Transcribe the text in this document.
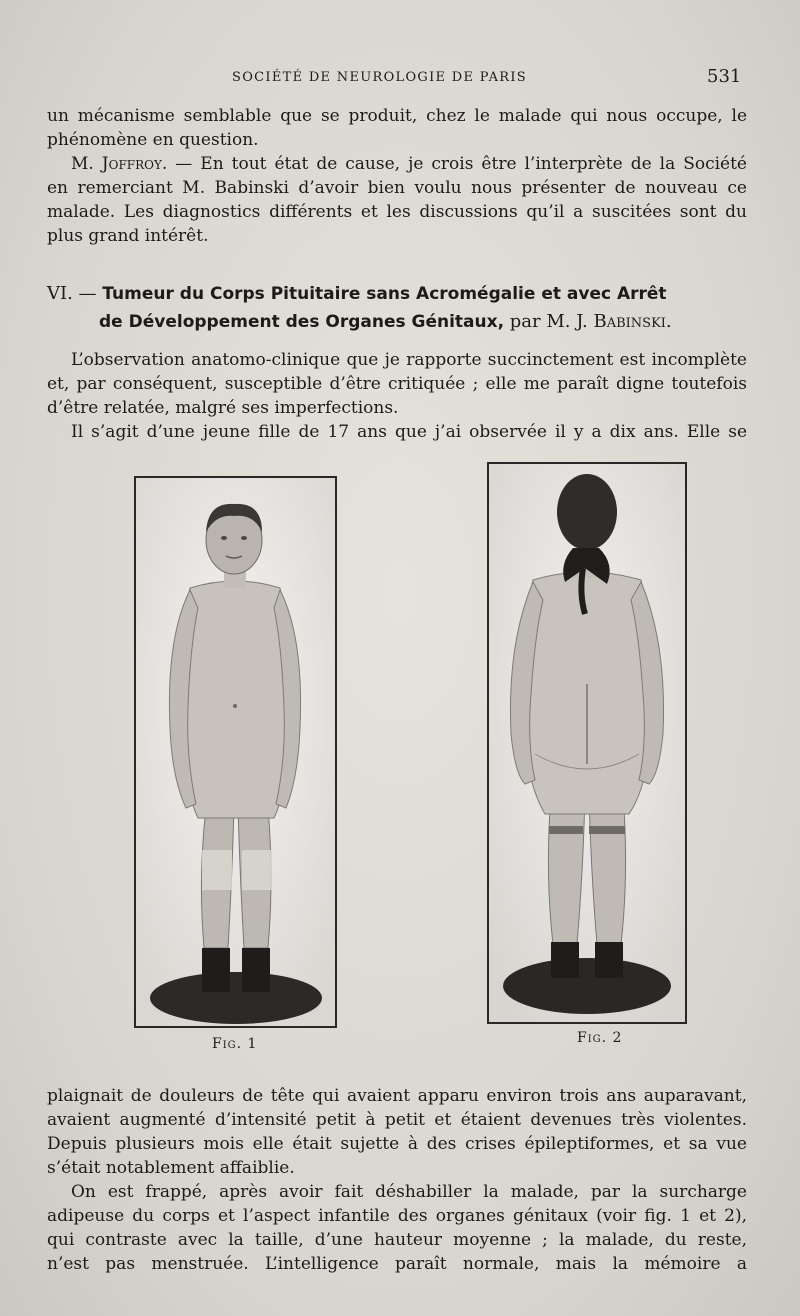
SOCIÉTÉ DE NEUROLOGIE DE PARIS	531
un mécanisme semblable que se produit, chez le malade qui nous occupe, le
phénomène en question.
M. Joffroy. — En tout état de cause, je crois être l’interprète de la Société
en remerciant M. Babinski d’avoir bien voulu nous présenter de nouveau ce
malade. Les diagnostics différents et les discussions qu’il a suscitées sont du
plus grand intérêt.
VI. — Tumeur du Corps Pituitaire sans Acromégalie et avec Arrêt
de Développement des Organes Génitaux, par M. J. Babinski.
L’observation anatomo-clinique que je rapporte succinctement est incomplète
et, par conséquent, susceptible d’être critiquée ; elle me paraît digne toutefois
d’être relatée, malgré ses imperfections.
Il s’agit d’une jeune fille de 17 ans que j’ai observée il y a dix ans. Elle se
Fig. 1	Fig. 2
plaignait de douleurs de tête qui avaient apparu environ trois ans auparavant,
avaient augmenté d’intensité petit à petit et étaient devenues très violentes.
Depuis plusieurs mois elle était sujette à des crises épileptiformes, et sa vue
s’était notablement affaiblie.
On est frappé, après avoir fait déshabiller la malade, par la surcharge
adipeuse du corps et l’aspect infantile des organes génitaux (voir fig. 1 et 2),
qui contraste avec la taille, d’une hauteur moyenne ; la malade, du reste,
n’est pas menstruée. L’intelligence paraît normale, mais la mémoire a
